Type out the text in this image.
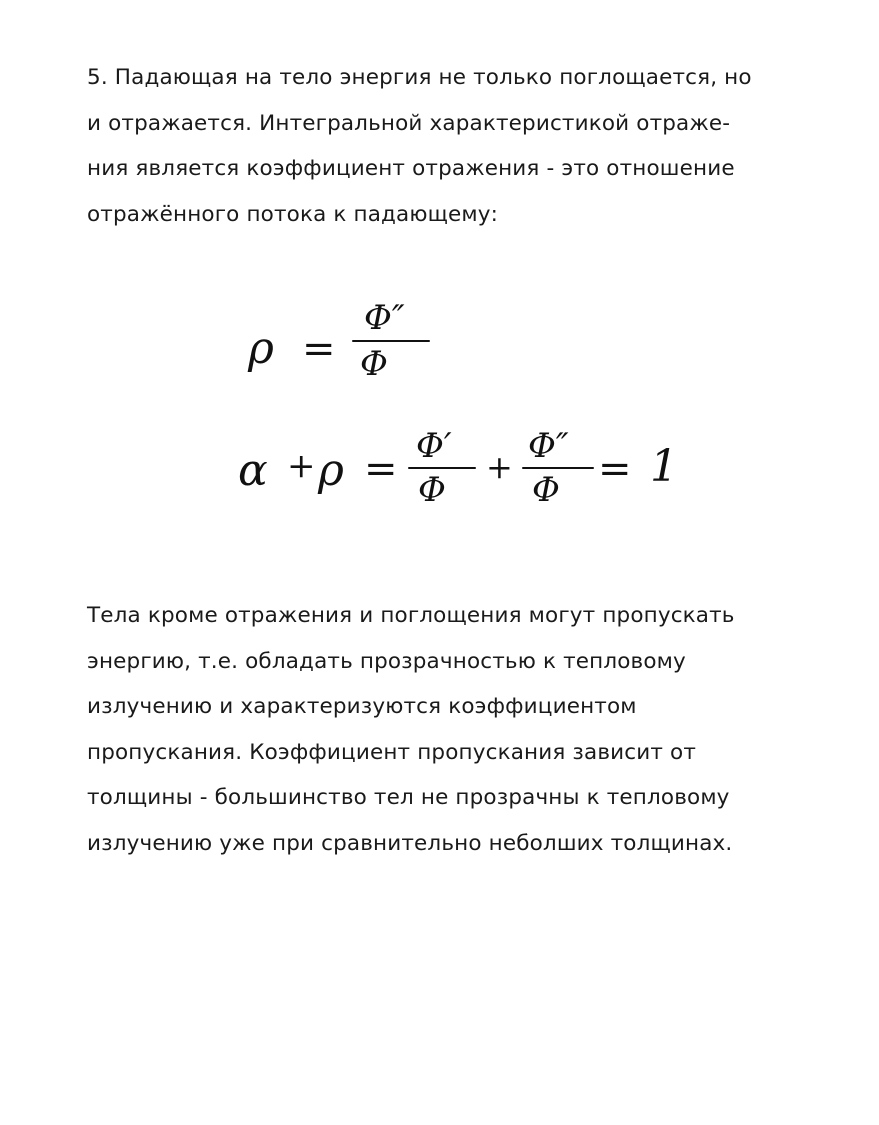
5. Падающая на тело энергия не только поглощается, но
и отражается. Интегральной характеристикой отраже-
ния является коэффициент отражения - это отношение
отражённого потока к падающему:
ρ =
Φ″
Φ
α + ρ = Φ′
Φ
+
Φ″
Φ = 1
Тела кроме отражения и поглощения могут пропускать
энергию, т.е. обладать прозрачностью к тепловому
излучению и характеризуются коэффициентом
пропускания. Коэффициент пропускания зависит от
толщины - большинство тел не прозрачны к тепловому
излучению уже при сравнительно неболших толщинах.
